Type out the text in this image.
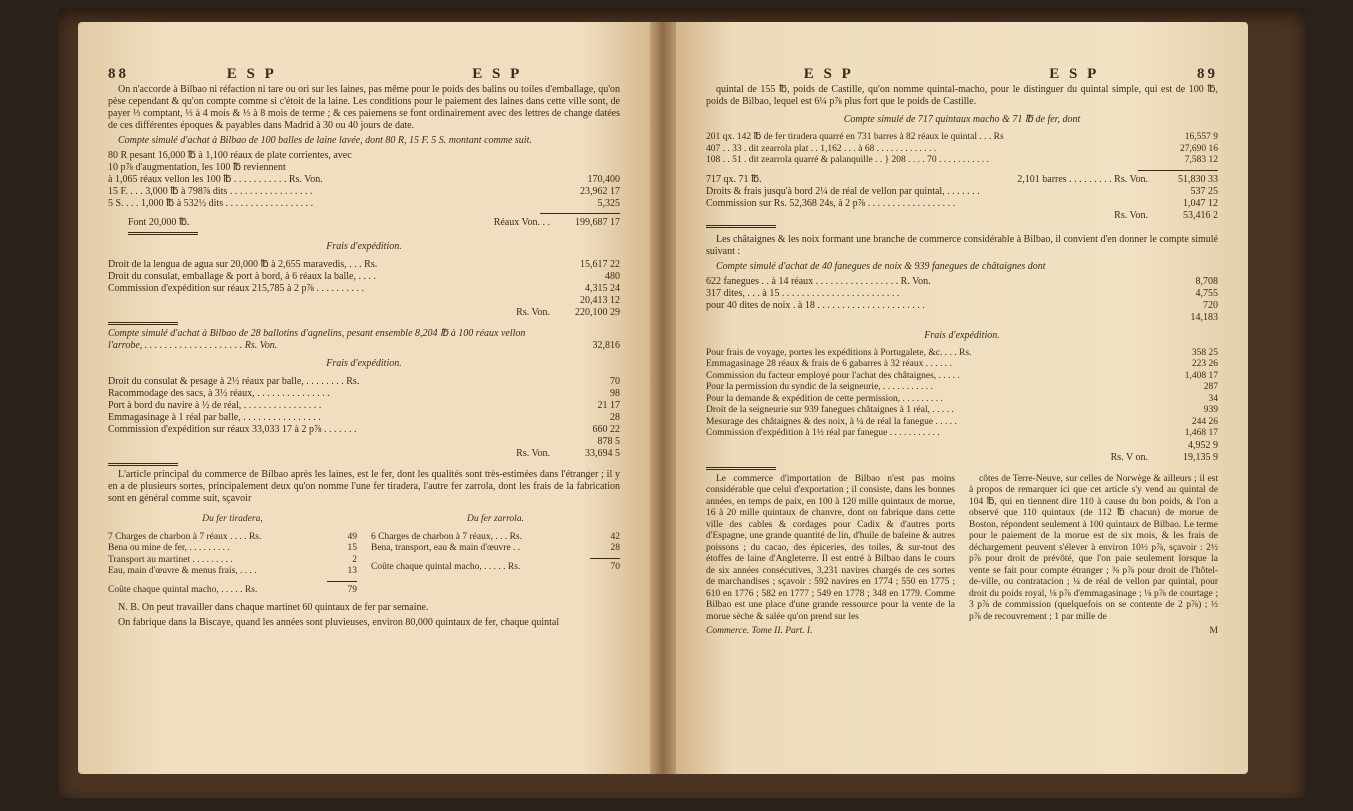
88	E S P	E S P

On n'accorde à Bilbao ni réfaction ni tare ou ori sur les laines, pas même pour le poids des balins ou toiles d'emballage, qu'on pèse cependant & qu'on compte comme si c'étoit de la laine. Les conditions pour le paiement des laines dans cette ville sont, de payer ⅓ comptant, ⅓ à 4 mois & ⅓ à 8 mois de terme ; & ces paiemens se font ordinairement avec des lettres de change datées de ces différentes époques & payables dans Madrid à 30 ou 40 jours de date.

Compte simulé d'achat à Bilbao de 100 balles de laine lavée, dont 80 R, 15 F. 5 S. montant comme suit.

80 R pesant 16,000 ℔ à 1,100 réaux de plate corrientes, avec
10 p⅞ d'augmentation, les 100 ℔ reviennent
à 1,065 réaux vellon les 100 ℔ . . . . . . . . . . . Rs. Von.	170,400
15 F. . . . 3,000 ℔ à 798⅞ dits . . . . . . . . . . . . . . . . .	23,962 17
5 S. . . . 1,000 ℔ à 532½ dits . . . . . . . . . . . . . . . . . .	5,325
Font 20,000 ℔.	Réaux Von. . .	199,687 17
Frais d'expédition.
Droit de la lengua de agua sur 20,000 ℔ à 2,655 maravedis, . . . Rs.	15,617 22
Droit du consulat, emballage & port à bord, à 6 réaux la balle, . . . .	480
Commission d'expédition sur réaux 215,785 à 2 p⅞ . . . . . . . . . .	4,315 24
20,413 12
Rs. Von.	220,100 29
Compte simulé d'achat à Bilbao de 28 ballotins d'agnelins, pesant ensemble 8,204 ℔ à 100 réaux vellon l'arrobe, . . . . . . . . . . . . . . . . . . . . Rs. Von.	32,816
Frais d'expédition.
Droit du consulat & pesage à 2½ réaux par balle, . . . . . . . . Rs.	70
Racommodage des sacs, à 3½ réaux, . . . . . . . . . . . . . . .	98
Port à bord du navire à ½ de réal, . . . . . . . . . . . . . . . .	21 17
Emmagasinage à 1 réal par balle, . . . . . . . . . . . . . . . .	28
Commission d'expédition sur réaux 33,033 17 à 2 p⅞ . . . . . . .	660 22
878 5
Rs. Von.	33,694 5

L'article principal du commerce de Bilbao après les laines, est le fer, dont les qualités sont très-estimées dans l'étranger ; il y en a de plusieurs sortes, principalement deux qu'on nomme l'une fer tiradera, l'autre fer zarrola, dont les frais de la fabrication sont en général comme suit, sçavoir

Du fer tiradera,
7 Charges de charbon à 7 réaux . . . . Rs.	49
Bena ou mine de fer, . . . . . . . . .	15
Transport au martinet . . . . . . . . .	2
Eau, main d'œuvre & menus frais, . . . .	13
Coûte chaque quintal macho, . . . . . Rs.	79
Du fer zarrola.
6 Charges de charbon à 7 réaux, . . . Rs.	42
Bena, transport, eau & main d'œuvre . .	28
Coûte chaque quintal macho, . . . . . Rs.	70

N. B. On peut travailler dans chaque martinet 60 quintaux de fer par semaine.

On fabrique dans la Biscaye, quand les années sont pluvieuses, environ 80,000 quintaux de fer, chaque quintal

E S P	E S P	89

quintal de 155 ℔, poids de Castille, qu'on nomme quintal-macho, pour le distinguer du quintal simple, qui est de 100 ℔, poids de Bilbao, lequel est 6¼ p⅞ plus fort que le poids de Castille.

Compte simulé de 717 quintaux macho & 71 ℔ de fer, dont
201 qx. 142 ℔ de fer tiradera quarré en 731 barres à 82 réaux le quintal . . . Rs	16,557 9
407 . . 33 . dit zearrola plat . . 1,162 . . . à 68 . . . . . . . . . . . . .	27,690 16
108 . . 51 . dit zearrola quarré & palanquille . . } 208 . . . . 70 . . . . . . . . . . .	7,583 12
717 qx. 71 ℔.	2,101 barres . . . . . . . . . Rs. Von.	51,830 33
Droits & frais jusqu'à bord 2¼ de réal de vellon par quintal, . . . . . . .	537 25
Commission sur Rs. 52,368 24s, à 2 p⅞ . . . . . . . . . . . . . . . . . .	1,047 12
Rs. Von.	53,416 2

Les châtaignes & les noix formant une branche de commerce considérable à Bilbao, il convient d'en donner le compte simulé suivant :

Compte simulé d'achat de 40 fanegues de noix & 939 fanegues de châtaignes dont

622 fanegues . . à 14 réaux . . . . . . . . . . . . . . . . . R. Von.	8,708
317 dites, . . . à 15 . . . . . . . . . . . . . . . . . . . . . . . .	4,755
pour 40 dites de noix . à 18 . . . . . . . . . . . . . . . . . . . . . .	720
14,183
Frais d'expédition.
Pour frais de voyage, portes les expéditions à Portugalete, &c. . . . Rs.	358 25
Emmagasinage 28 réaux & frais de 6 gabarres à 32 réaux . . . . . .	223 26
Commission du facteur employé pour l'achat des châtaignes, . . . . .	1,408 17
Pour la permission du syndic de la seigneurie, . . . . . . . . . . .	287
Pour la demande & expédition de cette permission, . . . . . . . . .	34
Droit de la seigneurie sur 939 fanegues châtaignes à 1 réal, . . . . .	939
Mesurage des châtaignes & des noix, à ¼ de réal la fanegue . . . . .	244 26
Commission d'expédition à 1½ réal par fanegue . . . . . . . . . . .	1,468 17
4,952 9
Rs. V on.	19,135 9

Le commerce d'importation de Bilbao n'est pas moins considérable que celui d'exportation ; il consiste, dans les bonnes années, en temps de paix, en 100 à 120 mille quintaux de morue, 16 à 20 mille quintaux de chanvre, dont on fabrique dans cette ville des cables & cordages pour Cadix & d'autres ports d'Espagne, une grande quantité de lin, d'huile de baleine & autres poissons ; du cacao, des épiceries, des toiles, & sur-tout des étoffes de laine d'Angleterre. Il est entré à Bilbao dans le cours de six années consécutives, 3,231 navires chargés de ces sortes de marchandises ; sçavoir : 592 navires en 1774 ; 550 en 1775 ; 610 en 1776 ; 582 en 1777 ; 549 en 1778 ; 348 en 1779. Comme Bilbao est une place d'une grande ressource pour la vente de la morue sèche & salée qu'on prend sur les

Commerce. Tome II. Part. I.

côtes de Terre-Neuve, sur celles de Norwège & ailleurs ; il est à propos de remarquer ici que cet article s'y vend au quintal de 104 ℔, qui en tiennent dire 110 à cause du bon poids, & l'on a observé que 110 quintaux (de 112 ℔ chacun) de morue de Boston, répondent seulement à 100 quintaux de Bilbao. Le terme pour le paiement de la morue est de six mois, & les frais de déchargement peuvent s'élever à environ 10½ p⅞, sçavoir : 2½ p⅞ pour droit de prévôté, que l'on paie seulement lorsque la vente se fait pour compte étranger ; ⅜ p⅞ pour droit de l'hôtel-de-ville, ou contratacion ; ¼ de réal de vellon par quintal, pour droit du poids royal, ⅛ p⅞ d'emmagasinage ; ⅛ p⅞ de courtage ; 3 p⅞ de commission (quelquefois on se contente de 2 p⅞) ; ½ p⅞ de recouvrement ; 1 par mille de

M
